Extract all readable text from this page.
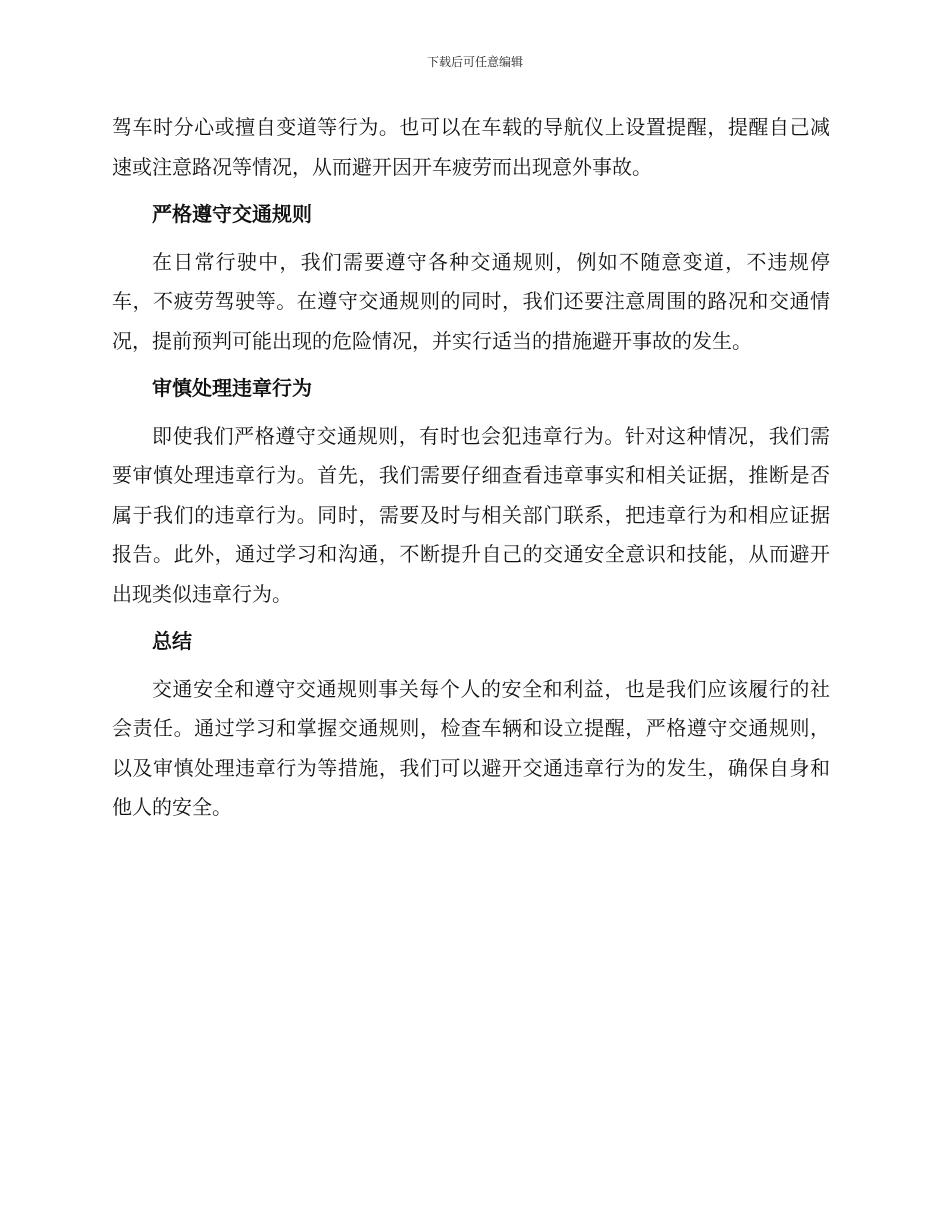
下载后可任意编辑

驾车时分心或擅自变道等行为。也可以在车载的导航仪上设置提醒，提醒自己减速或注意路况等情况，从而避开因开车疲劳而出现意外事故。

严格遵守交通规则

在日常行驶中，我们需要遵守各种交通规则，例如不随意变道，不违规停车，不疲劳驾驶等。在遵守交通规则的同时，我们还要注意周围的路况和交通情况，提前预判可能出现的危险情况，并实行适当的措施避开事故的发生。

审慎处理违章行为

即使我们严格遵守交通规则，有时也会犯违章行为。针对这种情况，我们需要审慎处理违章行为。首先，我们需要仔细查看违章事实和相关证据，推断是否属于我们的违章行为。同时，需要及时与相关部门联系，把违章行为和相应证据报告。此外，通过学习和沟通，不断提升自己的交通安全意识和技能，从而避开出现类似违章行为。

总结

交通安全和遵守交通规则事关每个人的安全和利益，也是我们应该履行的社会责任。通过学习和掌握交通规则，检查车辆和设立提醒，严格遵守交通规则，以及审慎处理违章行为等措施，我们可以避开交通违章行为的发生，确保自身和他人的安全。
